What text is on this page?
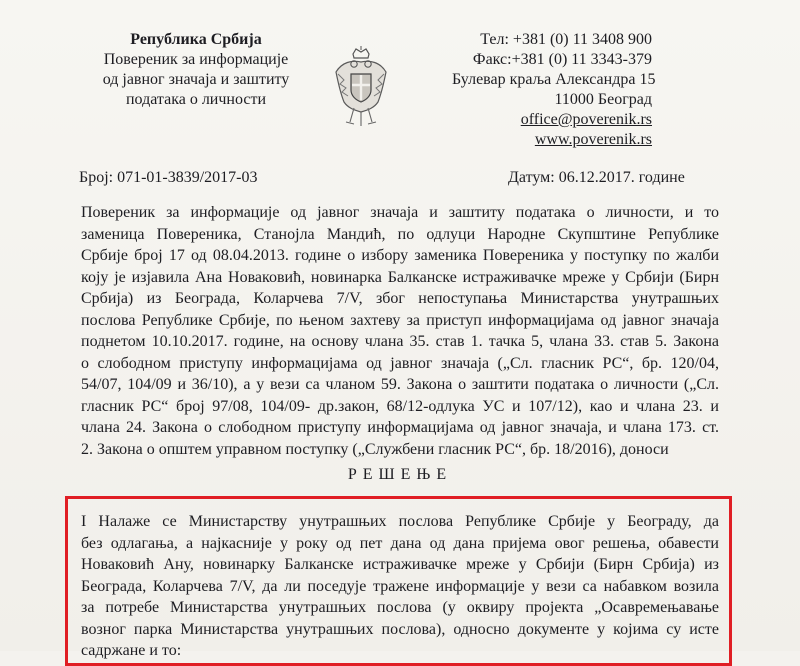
Република Србија
Повереник за информације
од јавног значаја и заштиту
података о личности
Тел: +381 (0) 11 3408 900
Факс:+381 (0) 11 3343-379
Булевар краља Александра 15
11000 Београд
office@poverenik.rs
www.poverenik.rs
Број: 071-01-3839/2017-03	Датум: 06.12.2017. године
Повереник за информације од јавног значаја и заштиту података о личности, и то
заменица Повереника, Станојла Мандић, по одлуци Народне Скупштине Републике
Србије број 17 од 08.04.2013. године о избору заменика Повереника у поступку по жалби
коју је изјавила Ана Новаковић, новинарка Балканске истраживачке мреже у Србији (Бирн
Србија) из Београда, Коларчева 7/V, због непоступања Министарства унутрашњих
послова Републике Србије, по њеном захтеву за приступ информацијама од јавног значаја
поднетом 10.10.2017. године, на основу члана 35. став 1. тачка 5, члана 33. став 5. Закона
о слободном приступу информацијама од јавног значаја („Сл. гласник РС“, бр. 120/04,
54/07, 104/09 и 36/10), а у вези са чланом 59. Закона о заштити података о личности („Сл.
гласник РС“ број 97/08, 104/09- др.закон, 68/12-одлука УС и 107/12), као и члана 23. и
члана 24. Закона о слободном приступу информацијама од јавног значаја, и члана 173. ст.
2. Закона о општем управном поступку („Службени гласник РС“, бр. 18/2016), доноси
РЕШЕЊЕ
I Налаже се Министарству унутрашњих послова Републике Србије у Београду, да
без одлагања, а најкасније у року од пет дана од дана пријема овог решења, обавести
Новаковић Ану, новинарку Балканске истраживачке мреже у Србији (Бирн Србија) из
Београда, Коларчева 7/V, да ли поседује тражене информације у вези са набавком возила
за потребе Министарства унутрашњих послова (у оквиру пројекта „Осавремењавање
возног парка Министарства унутрашњих послова), односно документе у којима су исте
садржане и то:
